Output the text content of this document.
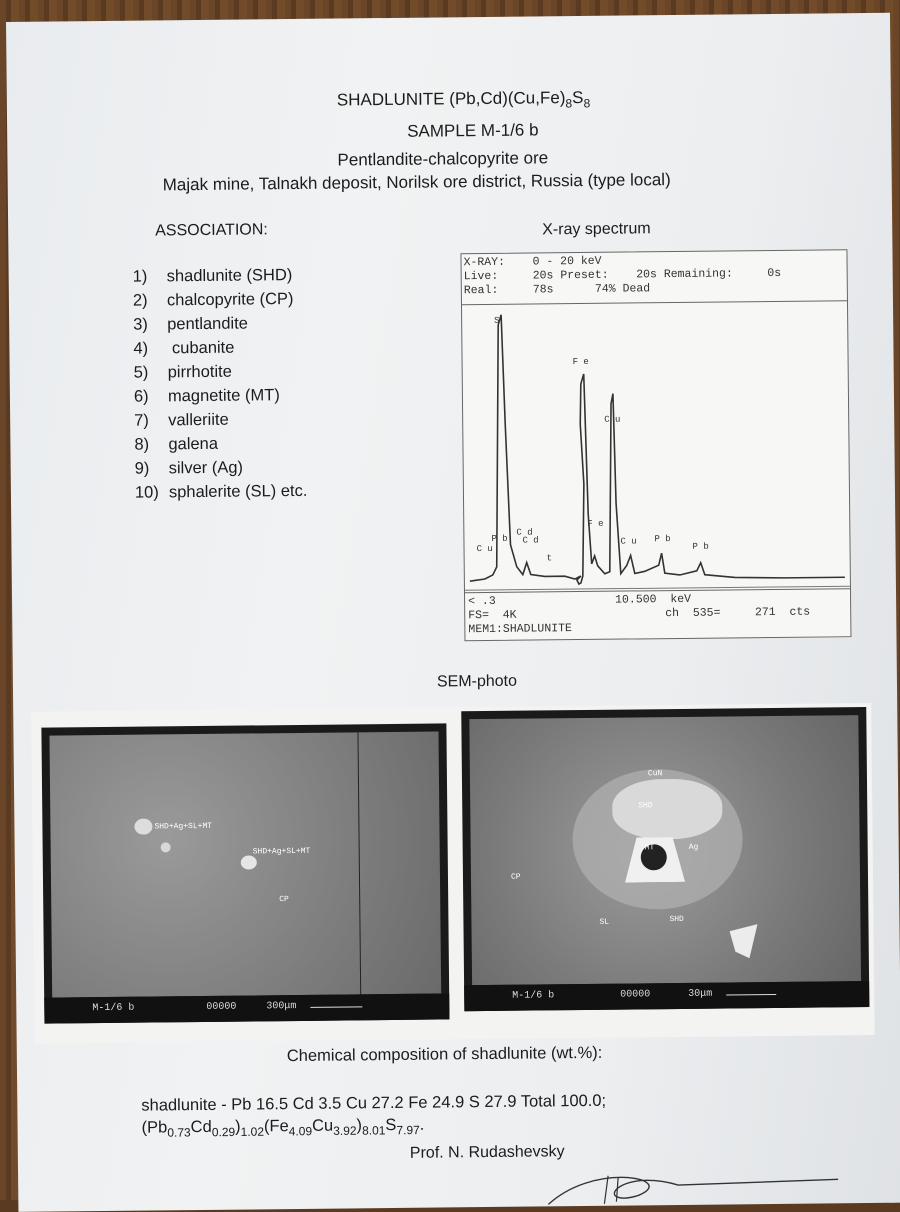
SHADLUNITE $(Pb,Cd)(Cu,Fe)_8S_8$
SAMPLE M-1/6 b
Pentlandite-chalcopyrite ore
Majak mine, Talnakh deposit, Norilsk ore district, Russia (type local)
ASSOCIATION:
1) shadlunite (SHD)
2) chalcopyrite (CP)
3) pentlandite
4) cubanite
5) pirrhotite
6) magnetite (MT)
7) valleriite
8) galena
9) silver (Ag)
10) sphalerite (SL) etc.
X-ray spectrum
X-RAY:    0 - 20 keV
Live:     20s Preset:    20s Remaining:     0s
Real:     78s      74% Dead
C u
P b
S
C d
C d
t
F e
F e
C u
C u P b
P b
< .3	10.500  keV
FS=  4K	ch  535=     271  cts
MEM1:SHADLUNITE
SEM-photo
SHD+Ag+SL+MT
SHD+Ag+SL+MT
CP
M-1/6 b	00000	300μm
CuN
SHD
MT	Ag
CP
SL	SHD
M-1/6 b	00000	30μm
Chemical composition of shadlunite (wt.%):
shadlunite - Pb 16.5 Cd 3.5 Cu 27.2 Fe 24.9 S 27.9 Total 100.0;
$(Pb_{0.73}Cd_{0.29})_{1.02}(Fe_{4.09}Cu_{3.92})_{8.01}S_{7.97}$.
Prof. N. Rudashevsky
